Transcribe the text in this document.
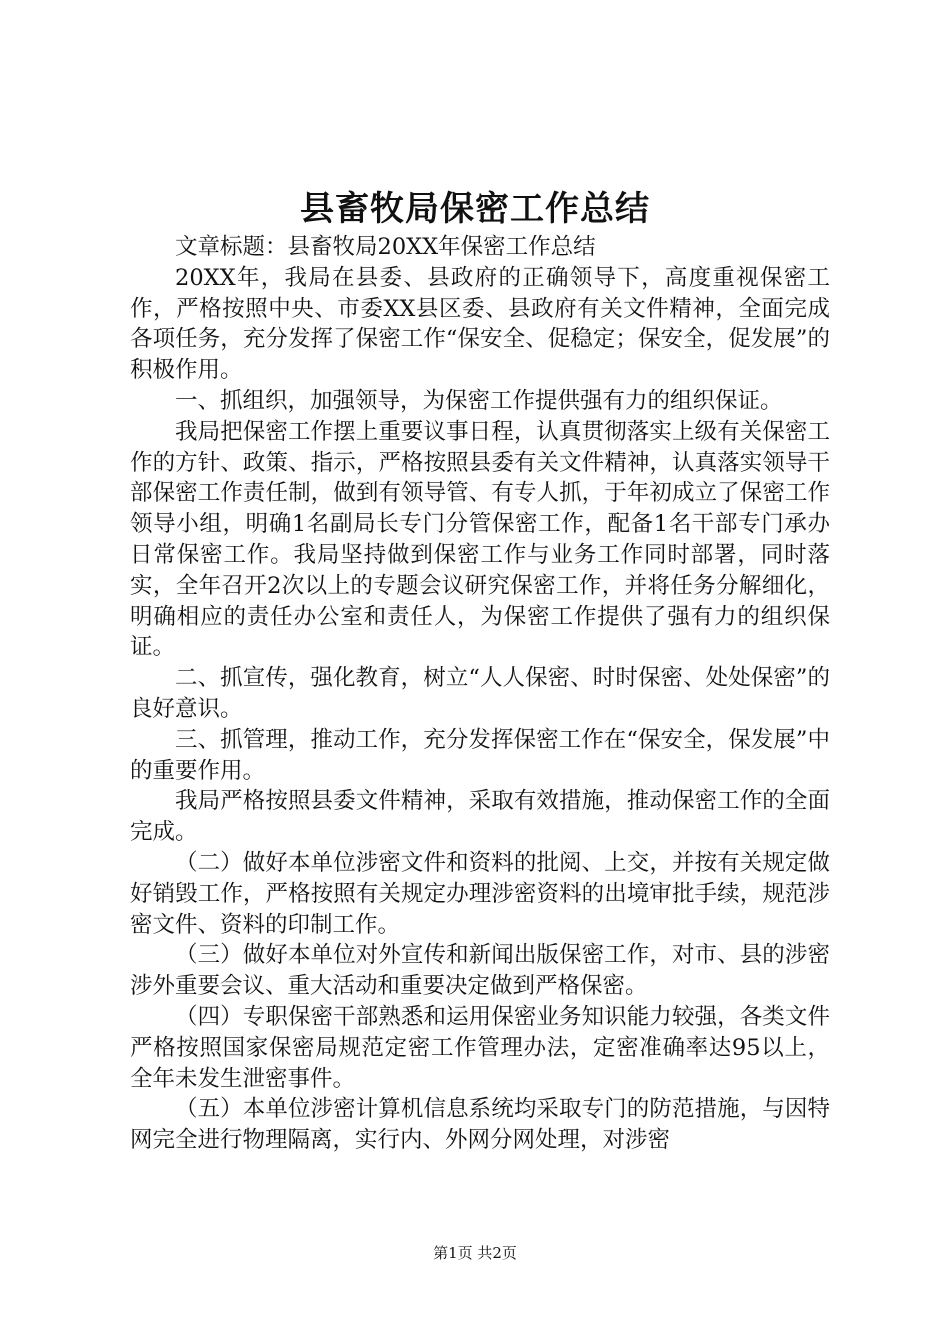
县畜牧局保密工作总结

文章标题：县畜牧局20XX年保密工作总结

20XX年，我局在县委、县政府的正确领导下，高度重视保密工作，严格按照中央、市委XX县区委、县政府有关文件精神，全面完成各项任务，充分发挥了保密工作“保安全、促稳定；保安全，促发展”的积极作用。

一、抓组织，加强领导，为保密工作提供强有力的组织保证。

我局把保密工作摆上重要议事日程，认真贯彻落实上级有关保密工作的方针、政策、指示，严格按照县委有关文件精神，认真落实领导干部保密工作责任制，做到有领导管、有专人抓，于年初成立了保密工作领导小组，明确1名副局长专门分管保密工作，配备1名干部专门承办日常保密工作。我局坚持做到保密工作与业务工作同时部署，同时落实，全年召开2次以上的专题会议研究保密工作，并将任务分解细化，明确相应的责任办公室和责任人，为保密工作提供了强有力的组织保证。

二、抓宣传，强化教育，树立“人人保密、时时保密、处处保密”的良好意识。

三、抓管理，推动工作，充分发挥保密工作在“保安全，保发展”中的重要作用。

我局严格按照县委文件精神，采取有效措施，推动保密工作的全面完成。

（二）做好本单位涉密文件和资料的批阅、上交，并按有关规定做好销毁工作，严格按照有关规定办理涉密资料的出境审批手续，规范涉密文件、资料的印制工作。

（三）做好本单位对外宣传和新闻出版保密工作，对市、县的涉密涉外重要会议、重大活动和重要决定做到严格保密。

（四）专职保密干部熟悉和运用保密业务知识能力较强，各类文件严格按照国家保密局规范定密工作管理办法，定密准确率达95以上，全年未发生泄密事件。

（五）本单位涉密计算机信息系统均采取专门的防范措施，与因特网完全进行物理隔离，实行内、外网分网处理，对涉密

第1页 共2页
